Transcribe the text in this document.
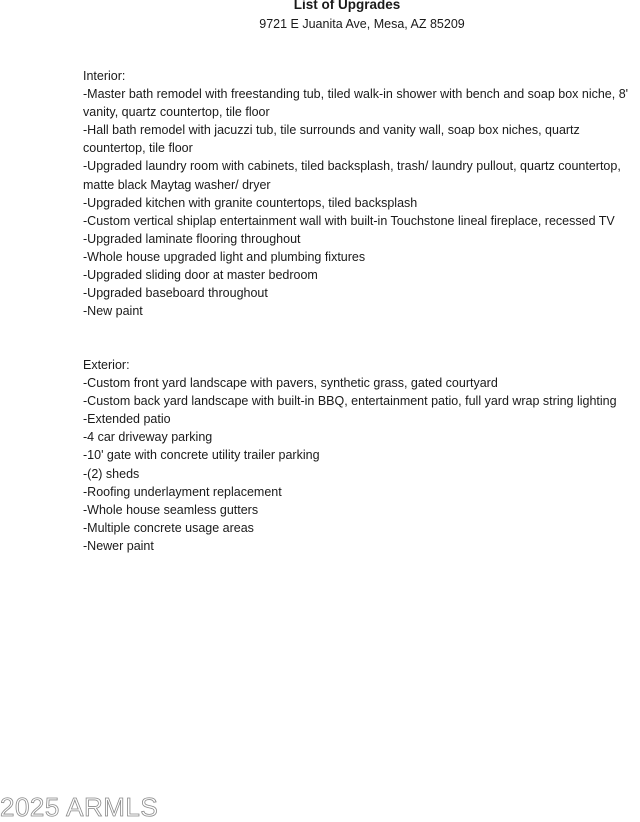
List of Upgrades
9721 E Juanita Ave, Mesa, AZ 85209
Interior:
-Master bath remodel with freestanding tub, tiled walk-in shower with bench and soap box niche, 8' vanity, quartz countertop, tile floor
-Hall bath remodel with jacuzzi tub, tile surrounds and vanity wall, soap box niches, quartz countertop, tile floor
-Upgraded laundry room with cabinets, tiled backsplash, trash/ laundry pullout, quartz countertop, matte black Maytag washer/ dryer
-Upgraded kitchen with granite countertops, tiled backsplash
-Custom vertical shiplap entertainment wall with built-in Touchstone lineal fireplace, recessed TV
-Upgraded laminate flooring throughout
-Whole house upgraded light and plumbing fixtures
-Upgraded sliding door at master bedroom
-Upgraded baseboard throughout
-New paint
Exterior:
-Custom front yard landscape with pavers, synthetic grass, gated courtyard
-Custom back yard landscape with built-in BBQ, entertainment patio, full yard wrap string lighting
-Extended patio
-4 car driveway parking
-10' gate with concrete utility trailer parking
-(2) sheds
-Roofing underlayment replacement
-Whole house seamless gutters
-Multiple concrete usage areas
-Newer paint
2025 ARMLS
